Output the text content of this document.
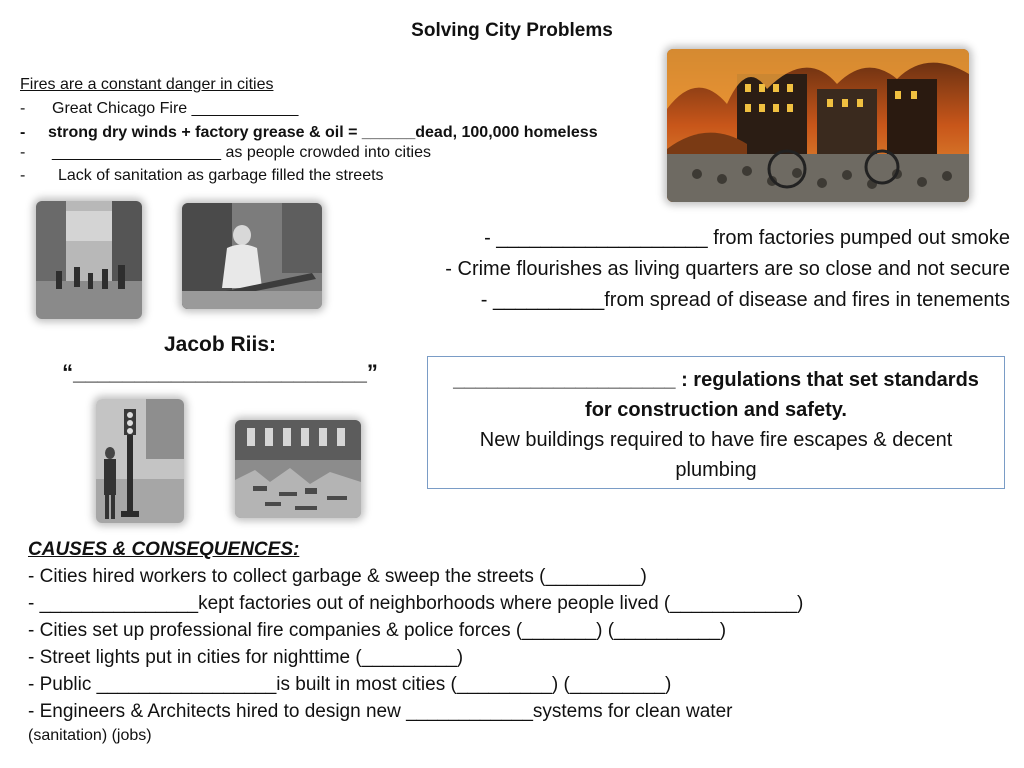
Solving City Problems
Fires are a constant danger in cities
- Great Chicago Fire ____________
- strong dry winds + factory grease & oil = ______dead, 100,000 homeless
- ___________________ as people crowded into cities
- Lack of sanitation as garbage filled the streets
- ___________________ from factories pumped out smoke
- Crime flourishes as living quarters are so close and not secure
- __________from spread of disease and fires in tenements
Jacob Riis:
“________________________”	____________________ : regulations that set standards for construction and safety.
New buildings required to have fire escapes & decent plumbing
CAUSES & CONSEQUENCES:
- Cities hired workers to collect garbage & sweep the streets (_________)
- _______________kept factories out of neighborhoods where people lived (____________)
- Cities set up professional fire companies & police forces (_______) (__________)
- Street lights put in cities for nighttime (_________)
- Public _________________is built in most cities (_________) (_________)
- Engineers & Architects hired to design new ____________systems for clean water
(sanitation) (jobs)
